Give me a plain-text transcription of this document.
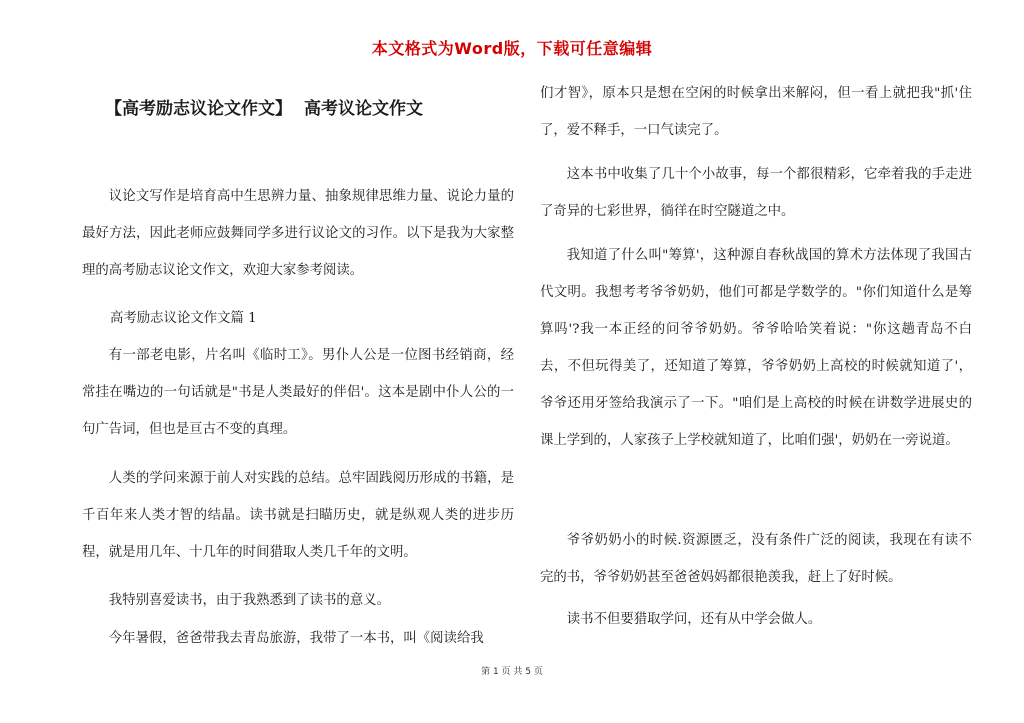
本文格式为Word版，下载可任意编辑
【高考励志议论文作文】 高考议论文作文

议论文写作是培育高中生思辨力量、抽象规律思维力量、说论力量的最好方法，因此老师应鼓舞同学多进行议论文的习作。以下是我为大家整理的高考励志议论文作文，欢迎大家参考阅读。

高考励志议论文作文篇 1

有一部老电影，片名叫《临时工》。男仆人公是一位图书经销商，经常挂在嘴边的一句话就是"书是人类最好的伴侣'。这本是剧中仆人公的一句广告词，但也是亘古不变的真理。

人类的学问来源于前人对实践的总结。总牢固践阅历形成的书籍，是千百年来人类才智的结晶。读书就是扫瞄历史，就是纵观人类的进步历程，就是用几年、十几年的时间猎取人类几千年的文明。

我特别喜爱读书，由于我熟悉到了读书的意义。

今年暑假，爸爸带我去青岛旅游，我带了一本书，叫《阅读给我

们才智》，原本只是想在空闲的时候拿出来解闷，但一看上就把我"抓'住了，爱不释手，一口气读完了。

这本书中收集了几十个小故事，每一个都很精彩，它牵着我的手走进了奇异的七彩世界，徜徉在时空隧道之中。

我知道了什么叫"筹算'，这种源自春秋战国的算术方法体现了我国古代文明。我想考考爷爷奶奶，他们可都是学数学的。"你们知道什么是筹算吗'?我一本正经的问爷爷奶奶。爷爷哈哈笑着说："你这趟青岛不白去，不但玩得美了，还知道了筹算，爷爷奶奶上高校的时候就知道了'，爷爷还用牙签给我演示了一下。"咱们是上高校的时候在讲数学进展史的课上学到的，人家孩子上学校就知道了，比咱们强'，奶奶在一旁说道。

爷爷奶奶小的时候.资源匮乏，没有条件广泛的阅读，我现在有读不完的书，爷爷奶奶甚至爸爸妈妈都很艳羡我，赶上了好时候。

读书不但要猎取学问，还有从中学会做人。

第 1 页 共 5 页
